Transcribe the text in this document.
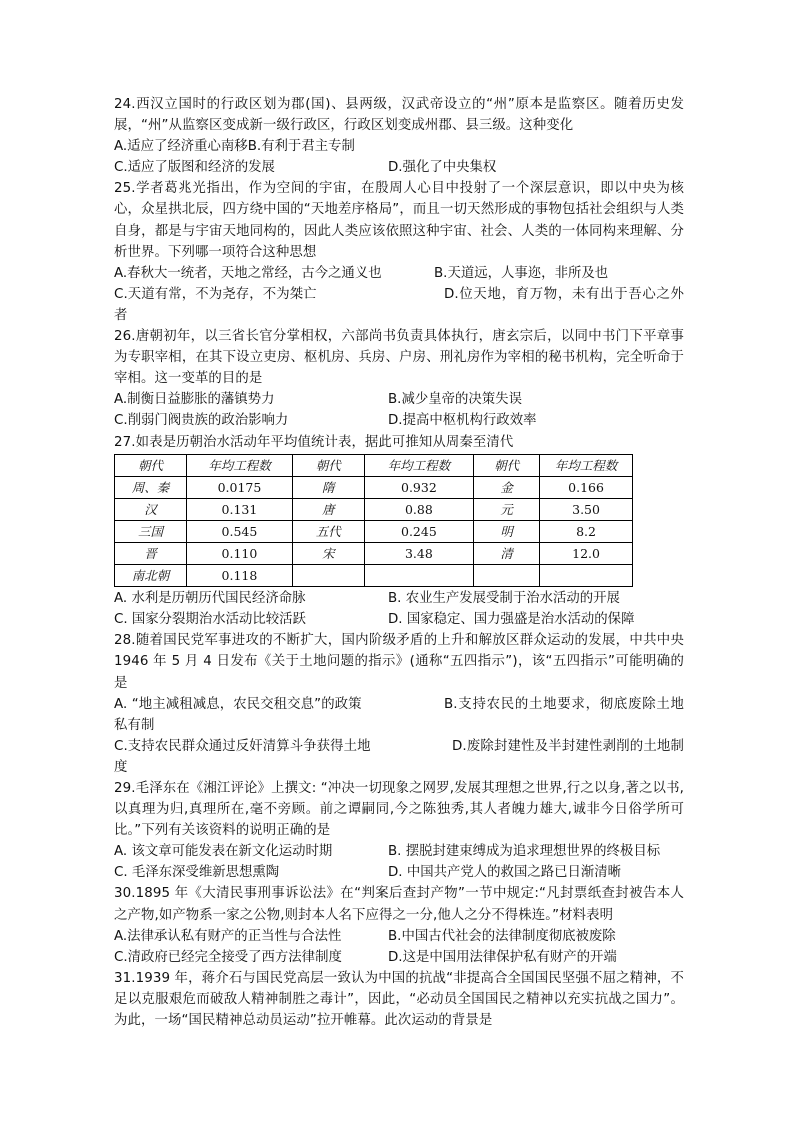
24.西汉立国时的行政区划为郡(国)、县两级，汉武帝设立的“州”原本是监察区。随着历史发展，“州”从监察区变成新一级行政区，行政区划变成州郡、县三级。这种变化

A.适应了经济重心南移 B.有利于君主专制
C.适应了版图和经济的发展	D.强化了中央集权

25.学者葛兆光指出，作为空间的宇宙，在殷周人心目中投射了一个深层意识，即以中央为核心，众星拱北辰，四方绕中国的“天地差序格局”，而且一切天然形成的事物包括社会组织与人类自身，都是与宇宙天地同构的，因此人类应该依照这种宇宙、社会、人类的一体同构来理解、分析世界。下列哪一项符合这种思想

A.春秋大一统者，天地之常经，古今之通义也	B.天道远，人事迩，非所及也

C.天道有常，不为尧存，不为桀亡	D.位天地，育万物，未有出于吾心之外者

26.唐朝初年，以三省长官分掌相权，六部尚书负责具体执行，唐玄宗后，以同中书门下平章事为专职宰相，在其下设立吏房、枢机房、兵房、户房、刑礼房作为宰相的秘书机构，完全听命于宰相。这一变革的目的是

A.制衡日益膨胀的藩镇势力	B.减少皇帝的决策失误
C.削弱门阀贵族的政治影响力	D.提高中枢机构行政效率

27.如表是历朝治水活动年平均值统计表，据此可推知从周秦至清代

朝代	年均工程数	朝代	年均工程数	朝代	年均工程数
周、秦	0.0175	隋	0.932	金	0.166
汉	0.131	唐	0.88	元	3.50
三国	0.545	五代	0.245	明	8.2
晋	0.110	宋	3.48	清	12.0
南北朝	0.118				
A. 水利是历朝历代国民经济命脉	B. 农业生产发展受制于治水活动的开展
C. 国家分裂期治水活动比较活跃	D. 国家稳定、国力强盛是治水活动的保障

28.随着国民党军事进攻的不断扩大，国内阶级矛盾的上升和解放区群众运动的发展，中共中央 1946 年 5 月 4 日发布《关于土地问题的指示》(通称“五四指示”)，该“五四指示”可能明确的是

A. “地主减租减息，农民交租交息”的政策	B.支持农民的土地要求，彻底废除土地私有制

C.支持农民群众通过反奸清算斗争获得土地	D.废除封建性及半封建性剥削的土地制度

29.毛泽东在《湘江评论》上撰文: “冲决一切现象之网罗,发展其理想之世界,行之以身,著之以书,以真理为归,真理所在,毫不旁顾。前之谭嗣同,今之陈独秀,其人者魄力雄大,诚非今日俗学所可比。”下列有关该资料的说明正确的是

A. 该文章可能发表在新文化运动时期	B. 摆脱封建束缚成为追求理想世界的终极目标
C. 毛泽东深受维新思想熏陶	D. 中国共产党人的救国之路已日渐清晰

30.1895 年《大清民事刑事诉讼法》在“判案后查封产物”一节中规定:“凡封票纸查封被告本人之产物,如产物系一家之公物,则封本人名下应得之一分,他人之分不得株连。”材料表明

A.法律承认私有财产的正当性与合法性	B.中国古代社会的法律制度彻底被废除
C.清政府已经完全接受了西方法律制度	D.这是中国用法律保护私有财产的开端

31.1939 年，蒋介石与国民党高层一致认为中国的抗战“非提高合全国国民坚强不屈之精神，不足以克服艰危而破敌人精神制胜之毒计”，因此，“必动员全国国民之精神以充实抗战之国力”。为此，一场“国民精神总动员运动”拉开帷幕。此次运动的背景是
